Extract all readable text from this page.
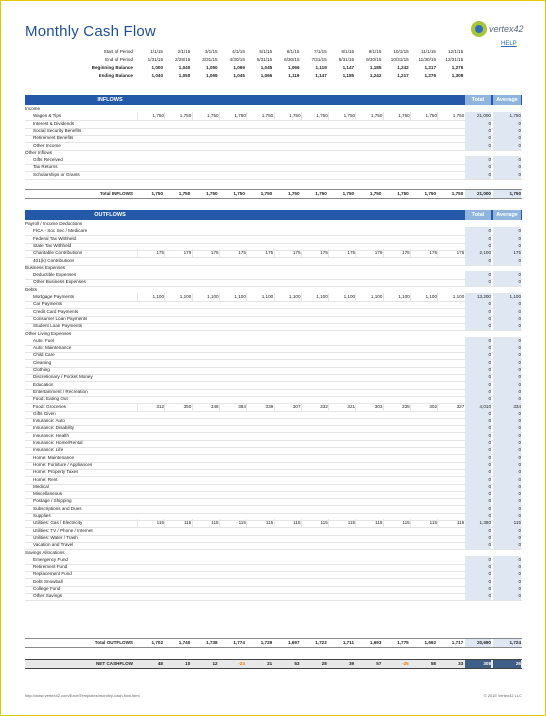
Monthly Cash Flow	vertex42
HELP
Start of Period	1/1/15	2/1/15	3/1/15	4/1/15	5/1/15	6/1/15	7/1/15	8/1/15	9/1/15	10/1/15	11/1/15	12/1/15
End of Period	1/31/15	2/28/15	3/31/15	4/30/15	5/31/15	6/30/15	7/31/15	8/31/15	9/30/15	10/31/15	11/30/15	12/31/15
Beginning Balance	1,000	1,040	1,050	1,069	1,045	1,066	1,119	1,147	1,185	1,242	1,217	1,276
Ending Balance	1,040	1,050	1,069	1,045	1,066	1,119	1,147	1,185	1,242	1,217	1,276	1,308
INFLOWS	Total	Average
Income
Wages & Tips	1,750	1,750	1,750	1,750	1,750	1,750	1,750	1,750	1,750	1,750	1,750	1,750	21,000	1,750
Interest & Dividends	0	0
Social Security Benefits	0	0
Retirement Benefits	0	0
Other Income	0	0
Other Inflows
Gifts Received	0	0
Tax Returns	0	0
Scholarships or Grants	0	0
Total INFLOWS	1,750	1,750	1,750	1,750	1,750	1,750	1,750	1,750	1,750	1,750	1,750	1,750	21,000	1,750
OUTFLOWS	Total	Average
Payroll / Income Deductions
FICA - Soc Sec / Medicare	0	0
Federal Tax Withheld	0	0
State Tax Withheld	0	0
Charitable Contributions	175	175	175	175	175	175	175	175	175	175	175	175	2,100	175
401(k) Contributions	0	0
Business Expenses
Deductible Expenses	0	0
Other Business Expenses	0	0
Debts
Mortgage Payments	1,100	1,100	1,100	1,100	1,100	1,100	1,100	1,100	1,100	1,100	1,100	1,100	13,200	1,100
Car Payments	0	0
Credit Card Payments	0	0
Consumer Loan Payments	0	0
Student Loan Payments	0	0
Other Living Expenses
Auto: Fuel	0	0
Auto: Maintenance	0	0
Child Care	0	0
Cleaning	0	0
Clothing	0	0
Discretionary / Pocket Money	0	0
Education	0	0
Entertainment / Recreation	0	0
Food: Eating Out	0	0
Food: Groceries	312	350	348	384	339	307	332	321	303	335	302	327	4,010	334
Gifts Given	0	0
Insurance: Auto	0	0
Insurance: Disability	0	0
Insurance: Health	0	0
Insurance: Home/Rental	0	0
Insurance: Life	0	0
Home: Maintenance	0	0
Home: Furniture / Appliances	0	0
Home: Property Taxes	0	0
Home: Rent	0	0
Medical	0	0
Miscellaneous	0	0
Postage / Shipping	0	0
Subscriptions and Dues	0	0
Supplies	0	0
Utilities: Gas / Electricity	115	115	115	115	115	115	115	115	115	115	115	115	1,380	115
Utilities: TV / Phone / Internet	0	0
Utilities: Water / Trash	0	0
Vacation and Travel	0	0
Savings Allocations
Emergency Fund	0	0
Retirement Fund	0	0
Replacement Fund	0	0
Debt Snowball	0	0
College Fund	0	0
Other Savings	0	0
Total OUTFLOWS	1,702	1,740	1,738	1,774	1,729	1,697	1,722	1,711	1,693	1,775	1,692	1,717	20,690	1,724
NET CASHFLOW	48	10	12	-24	21	53	28	39	57	-25	58	33	308	26
http://www.vertex42.com/ExcelTemplates/monthly-cash-flow.html	© 2015 Vertex42 LLC
